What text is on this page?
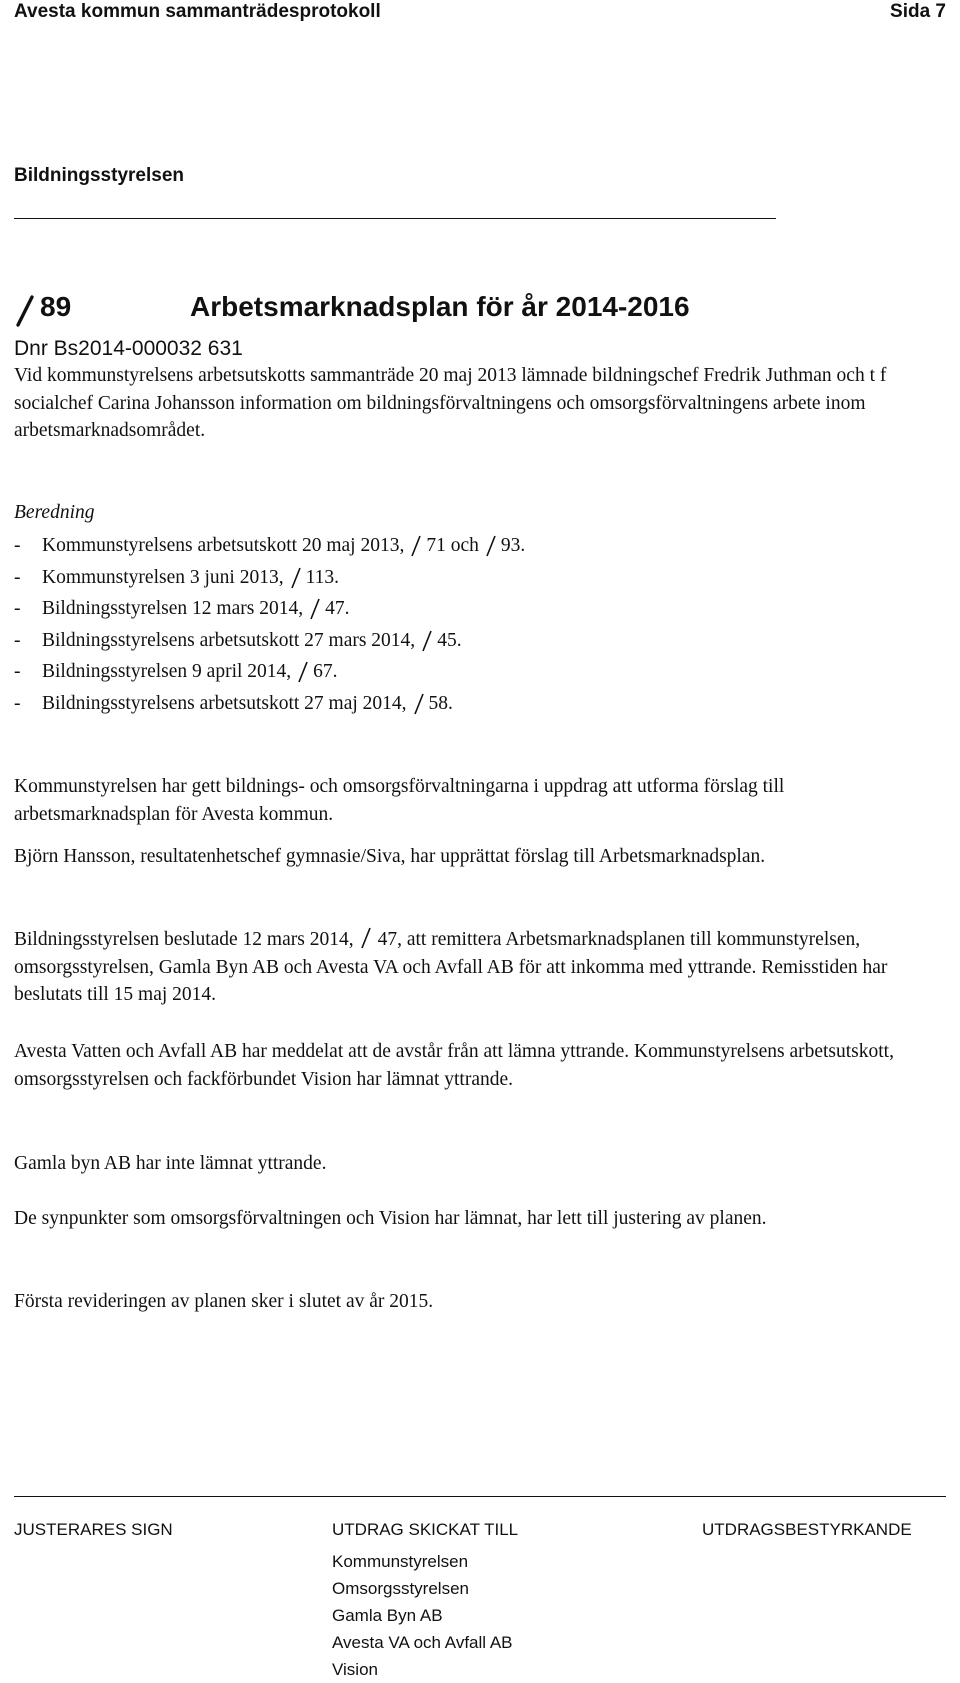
Avesta kommun sammanträdesprotokoll	Sida 7
Bildningsstyrelsen
89	Arbetsmarknadsplan för år 2014-2016
Dnr Bs2014-000032 631
Vid kommunstyrelsens arbetsutskotts sammanträde 20 maj 2013 lämnade bildningschef Fredrik Juthman och t f socialchef Carina Johansson information om bildningsförvaltningens och omsorgsförvaltningens arbete inom arbetsmarknadsområdet.
Beredning
-	Kommunstyrelsens arbetsutskott 20 maj 2013, 71 och 93.
-	Kommunstyrelsen 3 juni 2013, 113.
-	Bildningsstyrelsen 12 mars 2014, 47.
-	Bildningsstyrelsens arbetsutskott 27 mars 2014, 45.
-	Bildningsstyrelsen 9 april 2014, 67.
-	Bildningsstyrelsens arbetsutskott 27 maj 2014, 58.
Kommunstyrelsen har gett bildnings- och omsorgsförvaltningarna i uppdrag att utforma förslag till arbetsmarknadsplan för Avesta kommun.
Björn Hansson, resultatenhetschef gymnasie/Siva, har upprättat förslag till Arbetsmarknadsplan.
Bildningsstyrelsen beslutade 12 mars 2014, 47, att remittera Arbetsmarknadsplanen till kommunstyrelsen, omsorgsstyrelsen, Gamla Byn AB och Avesta VA och Avfall AB för att inkomma med yttrande. Remisstiden har beslutats till 15 maj 2014.
Avesta Vatten och Avfall AB har meddelat att de avstår från att lämna yttrande. Kommunstyrelsens arbetsutskott, omsorgsstyrelsen och fackförbundet Vision har lämnat yttrande.
Gamla byn AB har inte lämnat yttrande.
De synpunkter som omsorgsförvaltningen och Vision har lämnat, har lett till justering av planen.
Första revideringen av planen sker i slutet av år 2015.
JUSTERARES SIGN	UTDRAG SKICKAT TILL	UTDRAGSBESTYRKANDE
Kommunstyrelsen
Omsorgsstyrelsen
Gamla Byn AB
Avesta VA och Avfall AB
Vision
